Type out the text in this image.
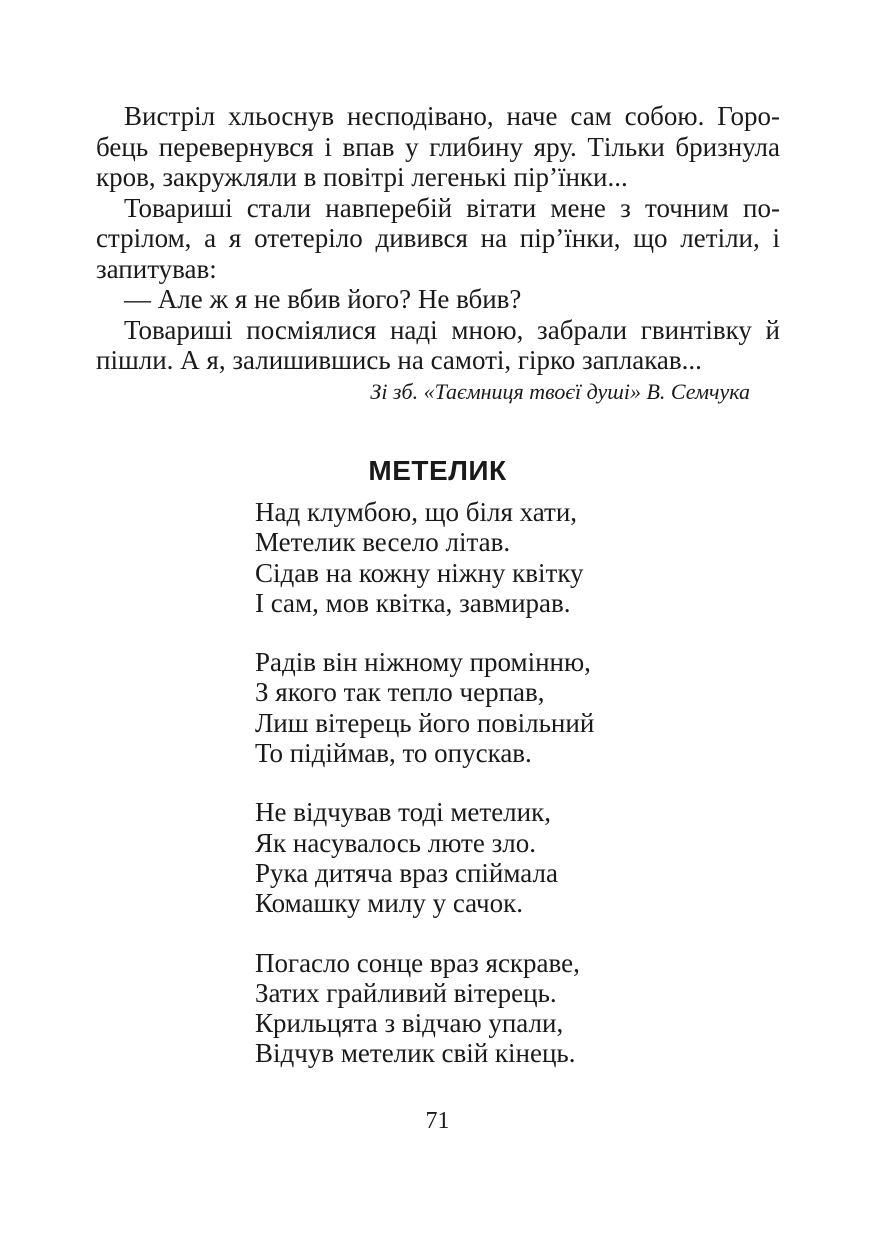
Вистріл хльоснув несподівано, наче сам собою. Горобець перевернувся і впав у глибину яру. Тільки бризнула кров, закружляли в повітрі легенькі пір’їнки...

Товариші стали навперебій вітати мене з точним пострілом, а я отетеріло дивився на пір’їнки, що летіли, і запитував:

— Але ж я не вбив його? Не вбив?

Товариші посміялися наді мною, забрали гвинтівку й пішли. А я, залишившись на самоті, гірко заплакав...

Зі зб. «Таємниця твоєї душі» В. Семчука
МЕТЕЛИК
Над клумбою, що біля хати,
Метелик весело літав.
Сідав на кожну ніжну квітку
І сам, мов квітка, завмирав.
Радів він ніжному промінню,
З якого так тепло черпав,
Лиш вітерець його повільний
То підіймав, то опускав.
Не відчував тоді метелик,
Як насувалось люте зло.
Рука дитяча враз спіймала
Комашку милу у сачок.
Погасло сонце враз яскраве,
Затих грайливий вітерець.
Крильцята з відчаю упали,
Відчув метелик свій кінець.
71
